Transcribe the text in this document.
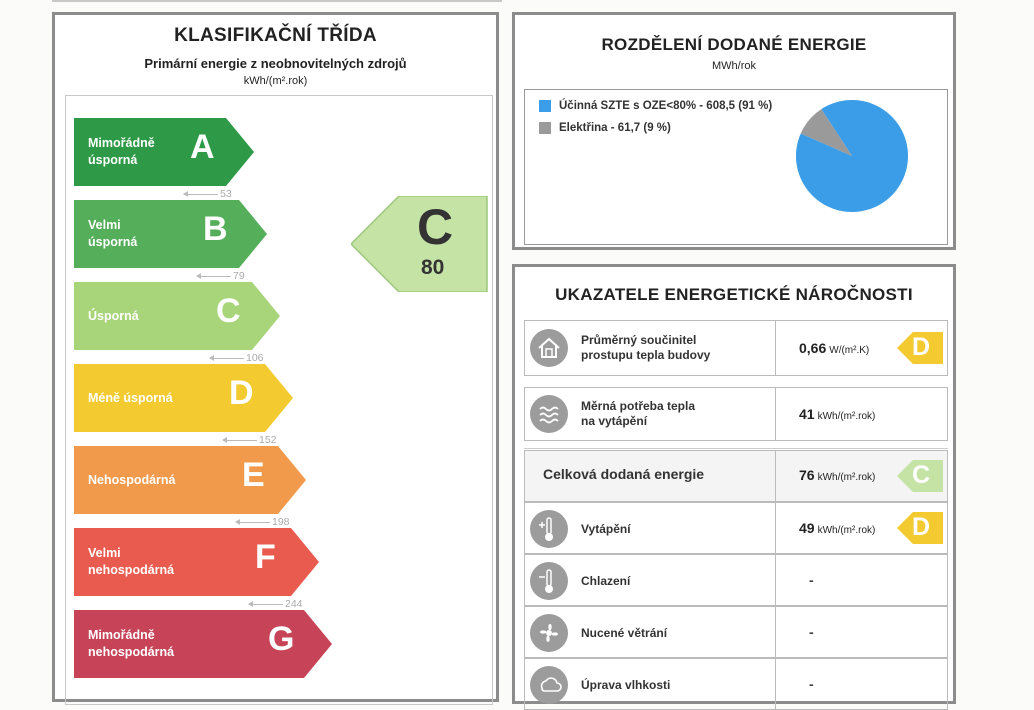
KLASIFIKAČNÍ TŘÍDA
Primární energie z neobnovitelných zdrojů
kWh/(m².rok)
Mimořádně
úsporná	A
Velmi
úsporná B
Úsporná C
Méně úsporná D
Nehospodárná E
Velmi
nehospodárná F
Mimořádně
nehospodárná	G
53
79
106
152
198
244
C
80
ROZDĚLENÍ DODANÉ ENERGIE
MWh/rok
Účinná SZTE s OZE<80% - 608,5 (91 %)
Elektřina - 61,7 (9 %)
UKAZATELE ENERGETICKÉ NÁROČNOSTI
Průměrný součinitel
prostupu tepla budovy	0,66 W/(m².K) D
Měrná potřeba tepla
na vytápění	41 kWh/(m².rok)
Celková dodaná energie	76 kWh/(m².rok) C
Vytápění	49 kWh/(m².rok) D
Chlazení	-
Nucené větrání	-
Úprava vlhkosti	-
